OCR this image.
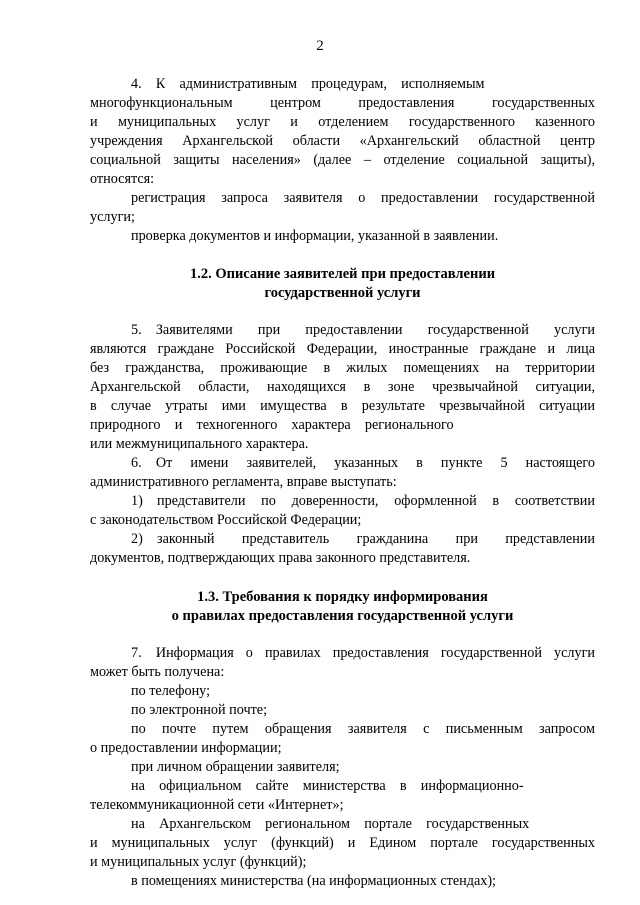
2
4. К административным процедурам, исполняемым
многофункциональным центром предоставления государственных
и муниципальных услуг и отделением государственного казенного
учреждения Архангельской области «Архангельский областной центр
социальной защиты населения» (далее – отделение социальной защиты),
относятся:
регистрация запроса заявителя о предоставлении государственной
услуги;
проверка документов и информации, указанной в заявлении.
1.2. Описание заявителей при предоставлении
государственной услуги
5. Заявителями при предоставлении государственной услуги
являются граждане Российской Федерации, иностранные граждане и лица
без гражданства, проживающие в жилых помещениях на территории
Архангельской области, находящихся в зоне чрезвычайной ситуации,
в случае утраты ими имущества в результате чрезвычайной ситуации
природного и техногенного характера регионального
или межмуниципального характера.
6. От имени заявителей, указанных в пункте 5 настоящего
административного регламента, вправе выступать:
1) представители по доверенности, оформленной в соответствии
с законодательством Российской Федерации;
2) законный представитель гражданина при представлении
документов, подтверждающих права законного представителя.
1.3. Требования к порядку информирования
о правилах предоставления государственной услуги
7. Информация о правилах предоставления государственной услуги
может быть получена:
по телефону;
по электронной почте;
по почте путем обращения заявителя с письменным запросом
о предоставлении информации;
при личном обращении заявителя;
на официальном сайте министерства в информационно-
телекоммуникационной сети «Интернет»;
на Архангельском региональном портале государственных
и муниципальных услуг (функций) и Едином портале государственных
и муниципальных услуг (функций);
в помещениях министерства (на информационных стендах);
